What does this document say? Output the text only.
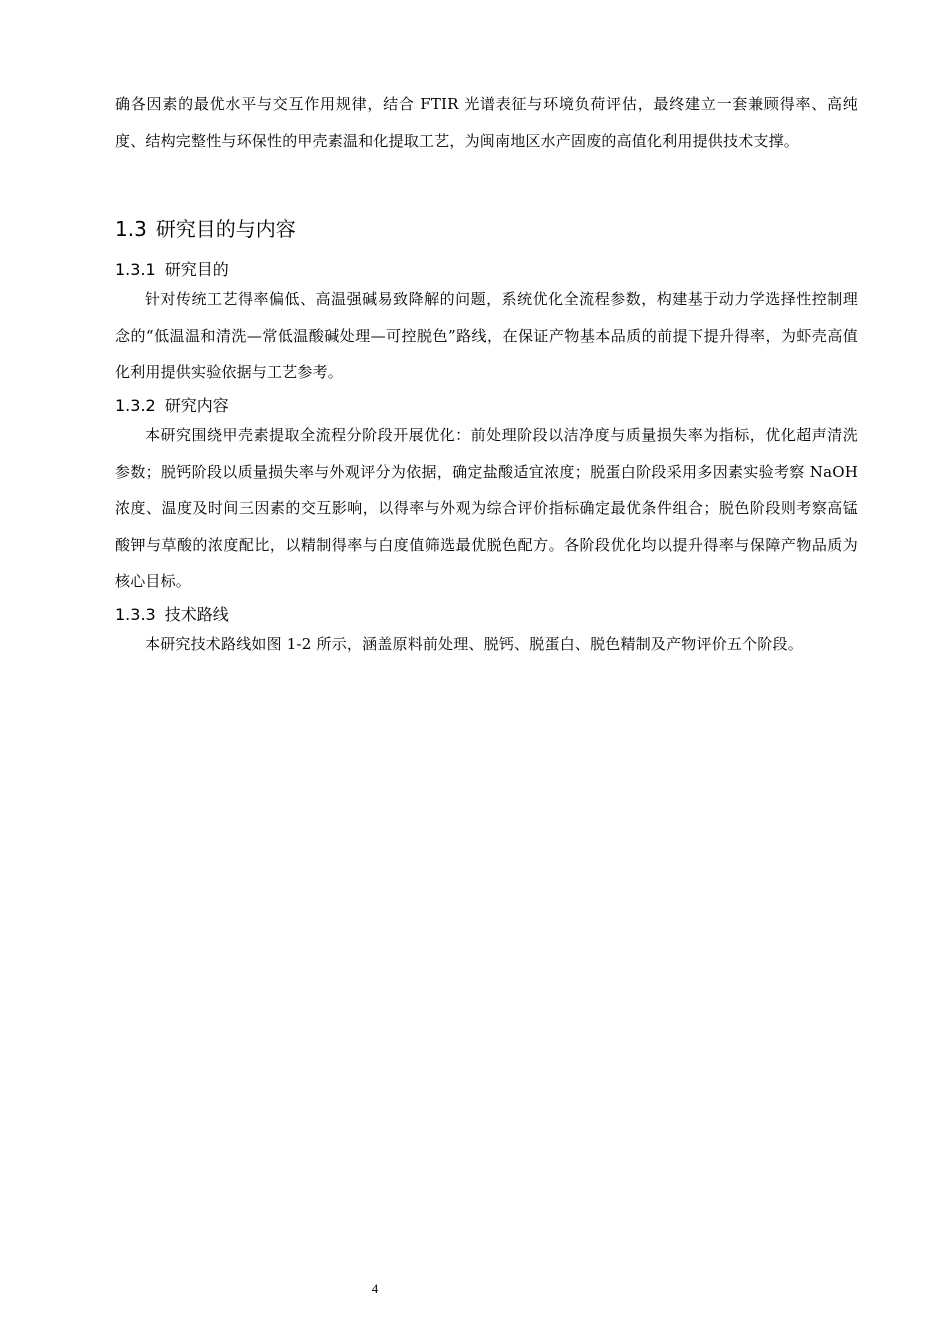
确各因素的最优水平与交互作用规律，结合 FTIR 光谱表征与环境负荷评估，最终建立一套兼顾得率、高纯度、结构完整性与环保性的甲壳素温和化提取工艺，为闽南地区水产固废的高值化利用提供技术支撑。

1.3 研究目的与内容
1.3.1 研究目的

针对传统工艺得率偏低、高温强碱易致降解的问题，系统优化全流程参数，构建基于动力学选择性控制理念的“低温温和清洗—常低温酸碱处理—可控脱色”路线，在保证产物基本品质的前提下提升得率，为虾壳高值化利用提供实验依据与工艺参考。

1.3.2 研究内容

本研究围绕甲壳素提取全流程分阶段开展优化：前处理阶段以洁净度与质量损失率为指标，优化超声清洗参数；脱钙阶段以质量损失率与外观评分为依据，确定盐酸适宜浓度；脱蛋白阶段采用多因素实验考察 NaOH 浓度、温度及时间三因素的交互影响，以得率与外观为综合评价指标确定最优条件组合；脱色阶段则考察高锰酸钾与草酸的浓度配比，以精制得率与白度值筛选最优脱色配方。各阶段优化均以提升得率与保障产物品质为核心目标。

1.3.3 技术路线

本研究技术路线如图 1-2 所示，涵盖原料前处理、脱钙、脱蛋白、脱色精制及产物评价五个阶段。

4
